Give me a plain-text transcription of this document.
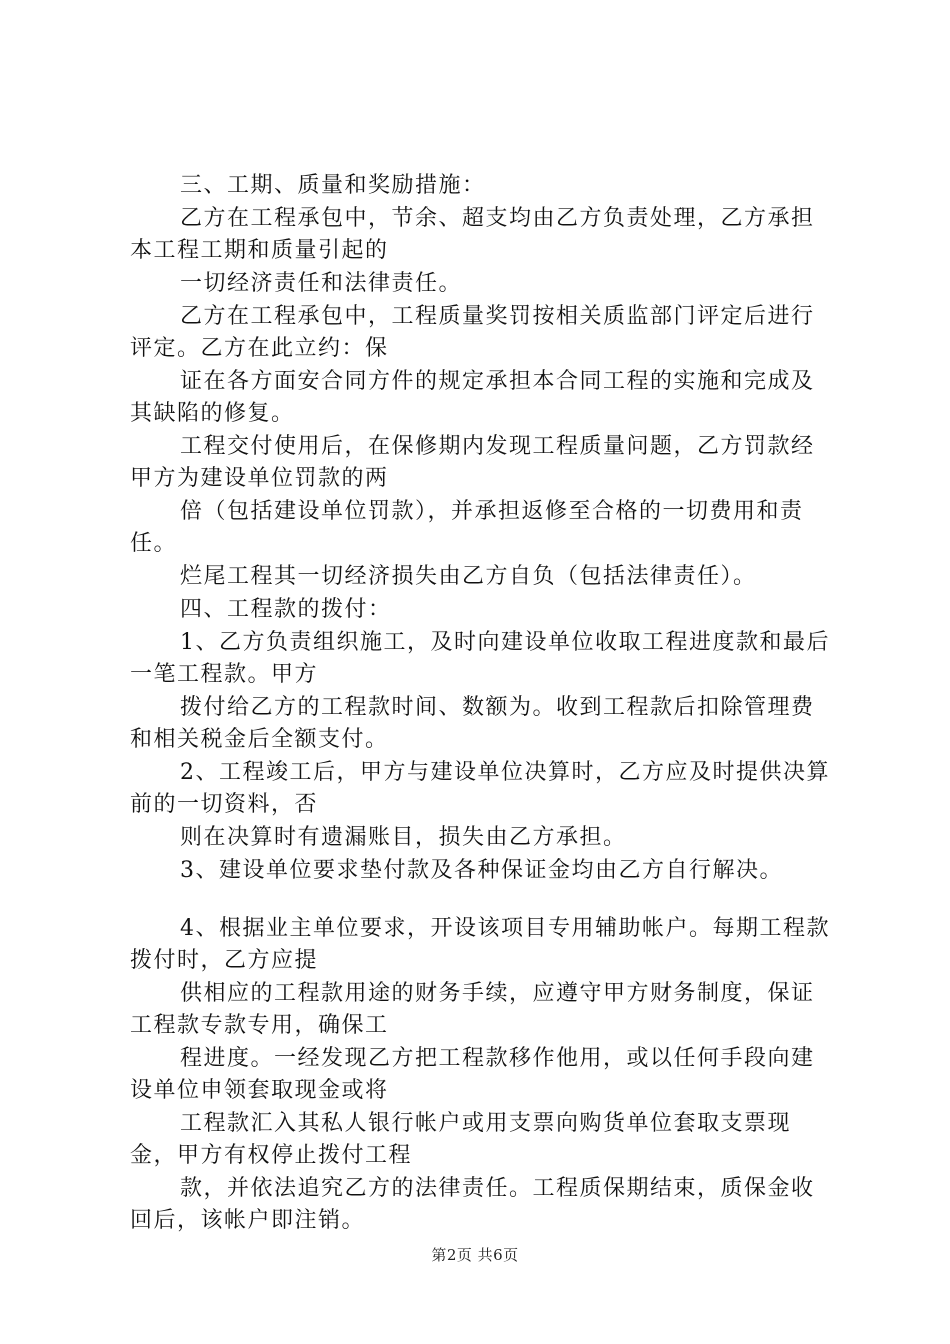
三、工期、质量和奖励措施：

乙方在工程承包中，节余、超支均由乙方负责处理，乙方承担本工程工期和质量引起的

一切经济责任和法律责任。

乙方在工程承包中，工程质量奖罚按相关质监部门评定后进行评定。乙方在此立约：保

证在各方面安合同方件的规定承担本合同工程的实施和完成及其缺陷的修复。

工程交付使用后，在保修期内发现工程质量问题，乙方罚款经甲方为建设单位罚款的两

倍（包括建设单位罚款），并承担返修至合格的一切费用和责任。

烂尾工程其一切经济损失由乙方自负（包括法律责任）。

四、工程款的拨付：

1、乙方负责组织施工，及时向建设单位收取工程进度款和最后一笔工程款。甲方

拨付给乙方的工程款时间、数额为。收到工程款后扣除管理费和相关税金后全额支付。

2、工程竣工后，甲方与建设单位决算时，乙方应及时提供决算前的一切资料，否

则在决算时有遗漏账目，损失由乙方承担。

3、建设单位要求垫付款及各种保证金均由乙方自行解决。

4、根据业主单位要求，开设该项目专用辅助帐户。每期工程款拨付时，乙方应提

供相应的工程款用途的财务手续，应遵守甲方财务制度，保证工程款专款专用，确保工

程进度。一经发现乙方把工程款移作他用，或以任何手段向建设单位申领套取现金或将

工程款汇入其私人银行帐户或用支票向购货单位套取支票现金，甲方有权停止拨付工程

款，并依法追究乙方的法律责任。工程质保期结束，质保金收回后，该帐户即注销。

第2页 共6页
